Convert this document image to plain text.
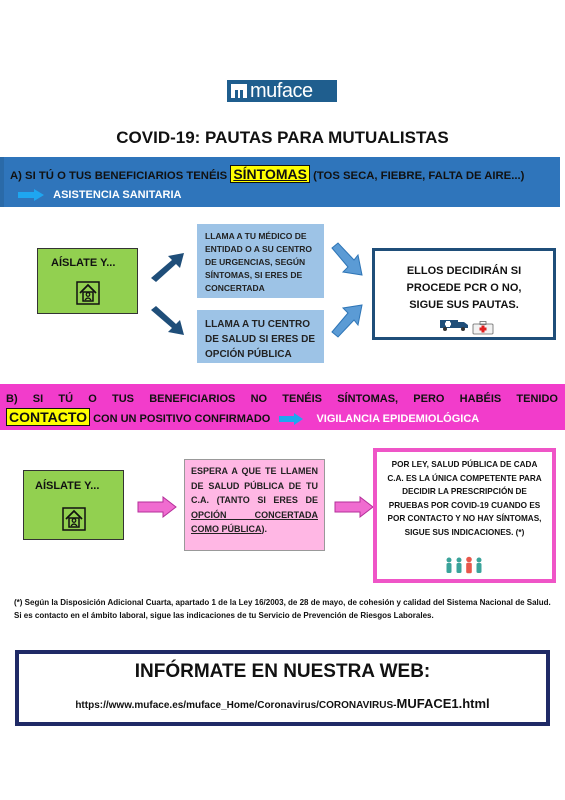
muface
COVID-19: PAUTAS PARA MUTUALISTAS
A) SI TÚ O TUS BENEFICIARIOS TENÉIS SÍNTOMAS (TOS SECA, FIEBRE, FALTA DE AIRE...)  ASISTENCIA SANITARIA
AÍSLATE Y...
LLAMA A TU MÉDICO DE ENTIDAD O A SU CENTRO DE URGENCIAS, SEGÚN SÍNTOMAS, SI ERES DE CONCERTADA
LLAMA A TU CENTRO DE SALUD SI ERES DE OPCIÓN PÚBLICA
ELLOS DECIDIRÁN SI
PROCEDE PCR O NO,
SIGUE SUS PAUTAS.
B) SI TÚ O TUS BENEFICIARIOS NO TENÉIS SÍNTOMAS, PERO HABÉIS TENIDO
CONTACTO CON UN POSITIVO CONFIRMADO	VIGILANCIA EPIDEMIOLÓGICA
AÍSLATE Y...
ESPERA A QUE TE LLAMEN DE SALUD PÚBLICA DE TU C.A. (TANTO SI ERES DE OPCIÓN CONCERTADA COMO PÚBLICA).
POR LEY, SALUD PÚBLICA DE CADA C.A. ES LA ÚNICA COMPETENTE PARA DECIDIR LA PRESCRIPCIÓN DE PRUEBAS POR COVID-19 CUANDO ES POR CONTACTO Y NO HAY SÍNTOMAS, SIGUE SUS INDICACIONES. (*)
(*) Según la Disposición Adicional Cuarta, apartado 1 de la Ley 16/2003, de 28 de mayo, de cohesión y calidad del Sistema Nacional de Salud. Si es contacto en el ámbito laboral, sigue las indicaciones de tu Servicio de Prevención de Riesgos Laborales.
INFÓRMATE EN NUESTRA WEB:
https://www.muface.es/muface_Home/Coronavirus/CORONAVIRUS-MUFACE1.html
